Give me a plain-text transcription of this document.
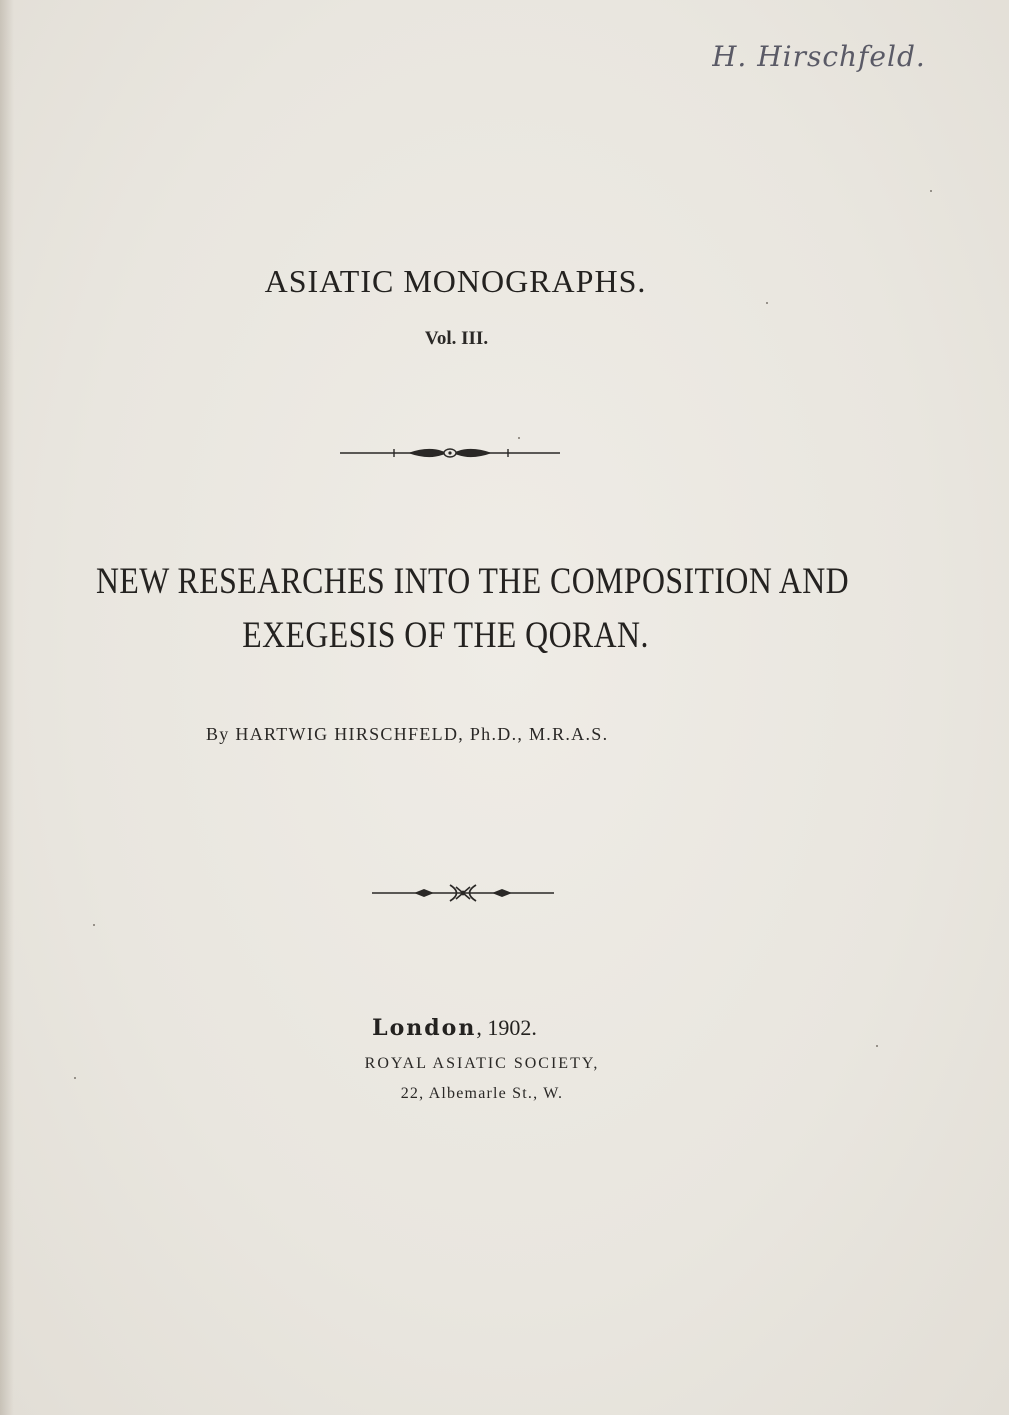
H. Hirschfeld.
ASIATIC MONOGRAPHS.
Vol. III.
NEW RESEARCHES INTO THE COMPOSITION AND
EXEGESIS OF THE QORAN.
By HARTWIG HIRSCHFELD, Ph.D., M.R.A.S.
London, 1902.
ROYAL ASIATIC SOCIETY,
22, Albemarle St., W.
